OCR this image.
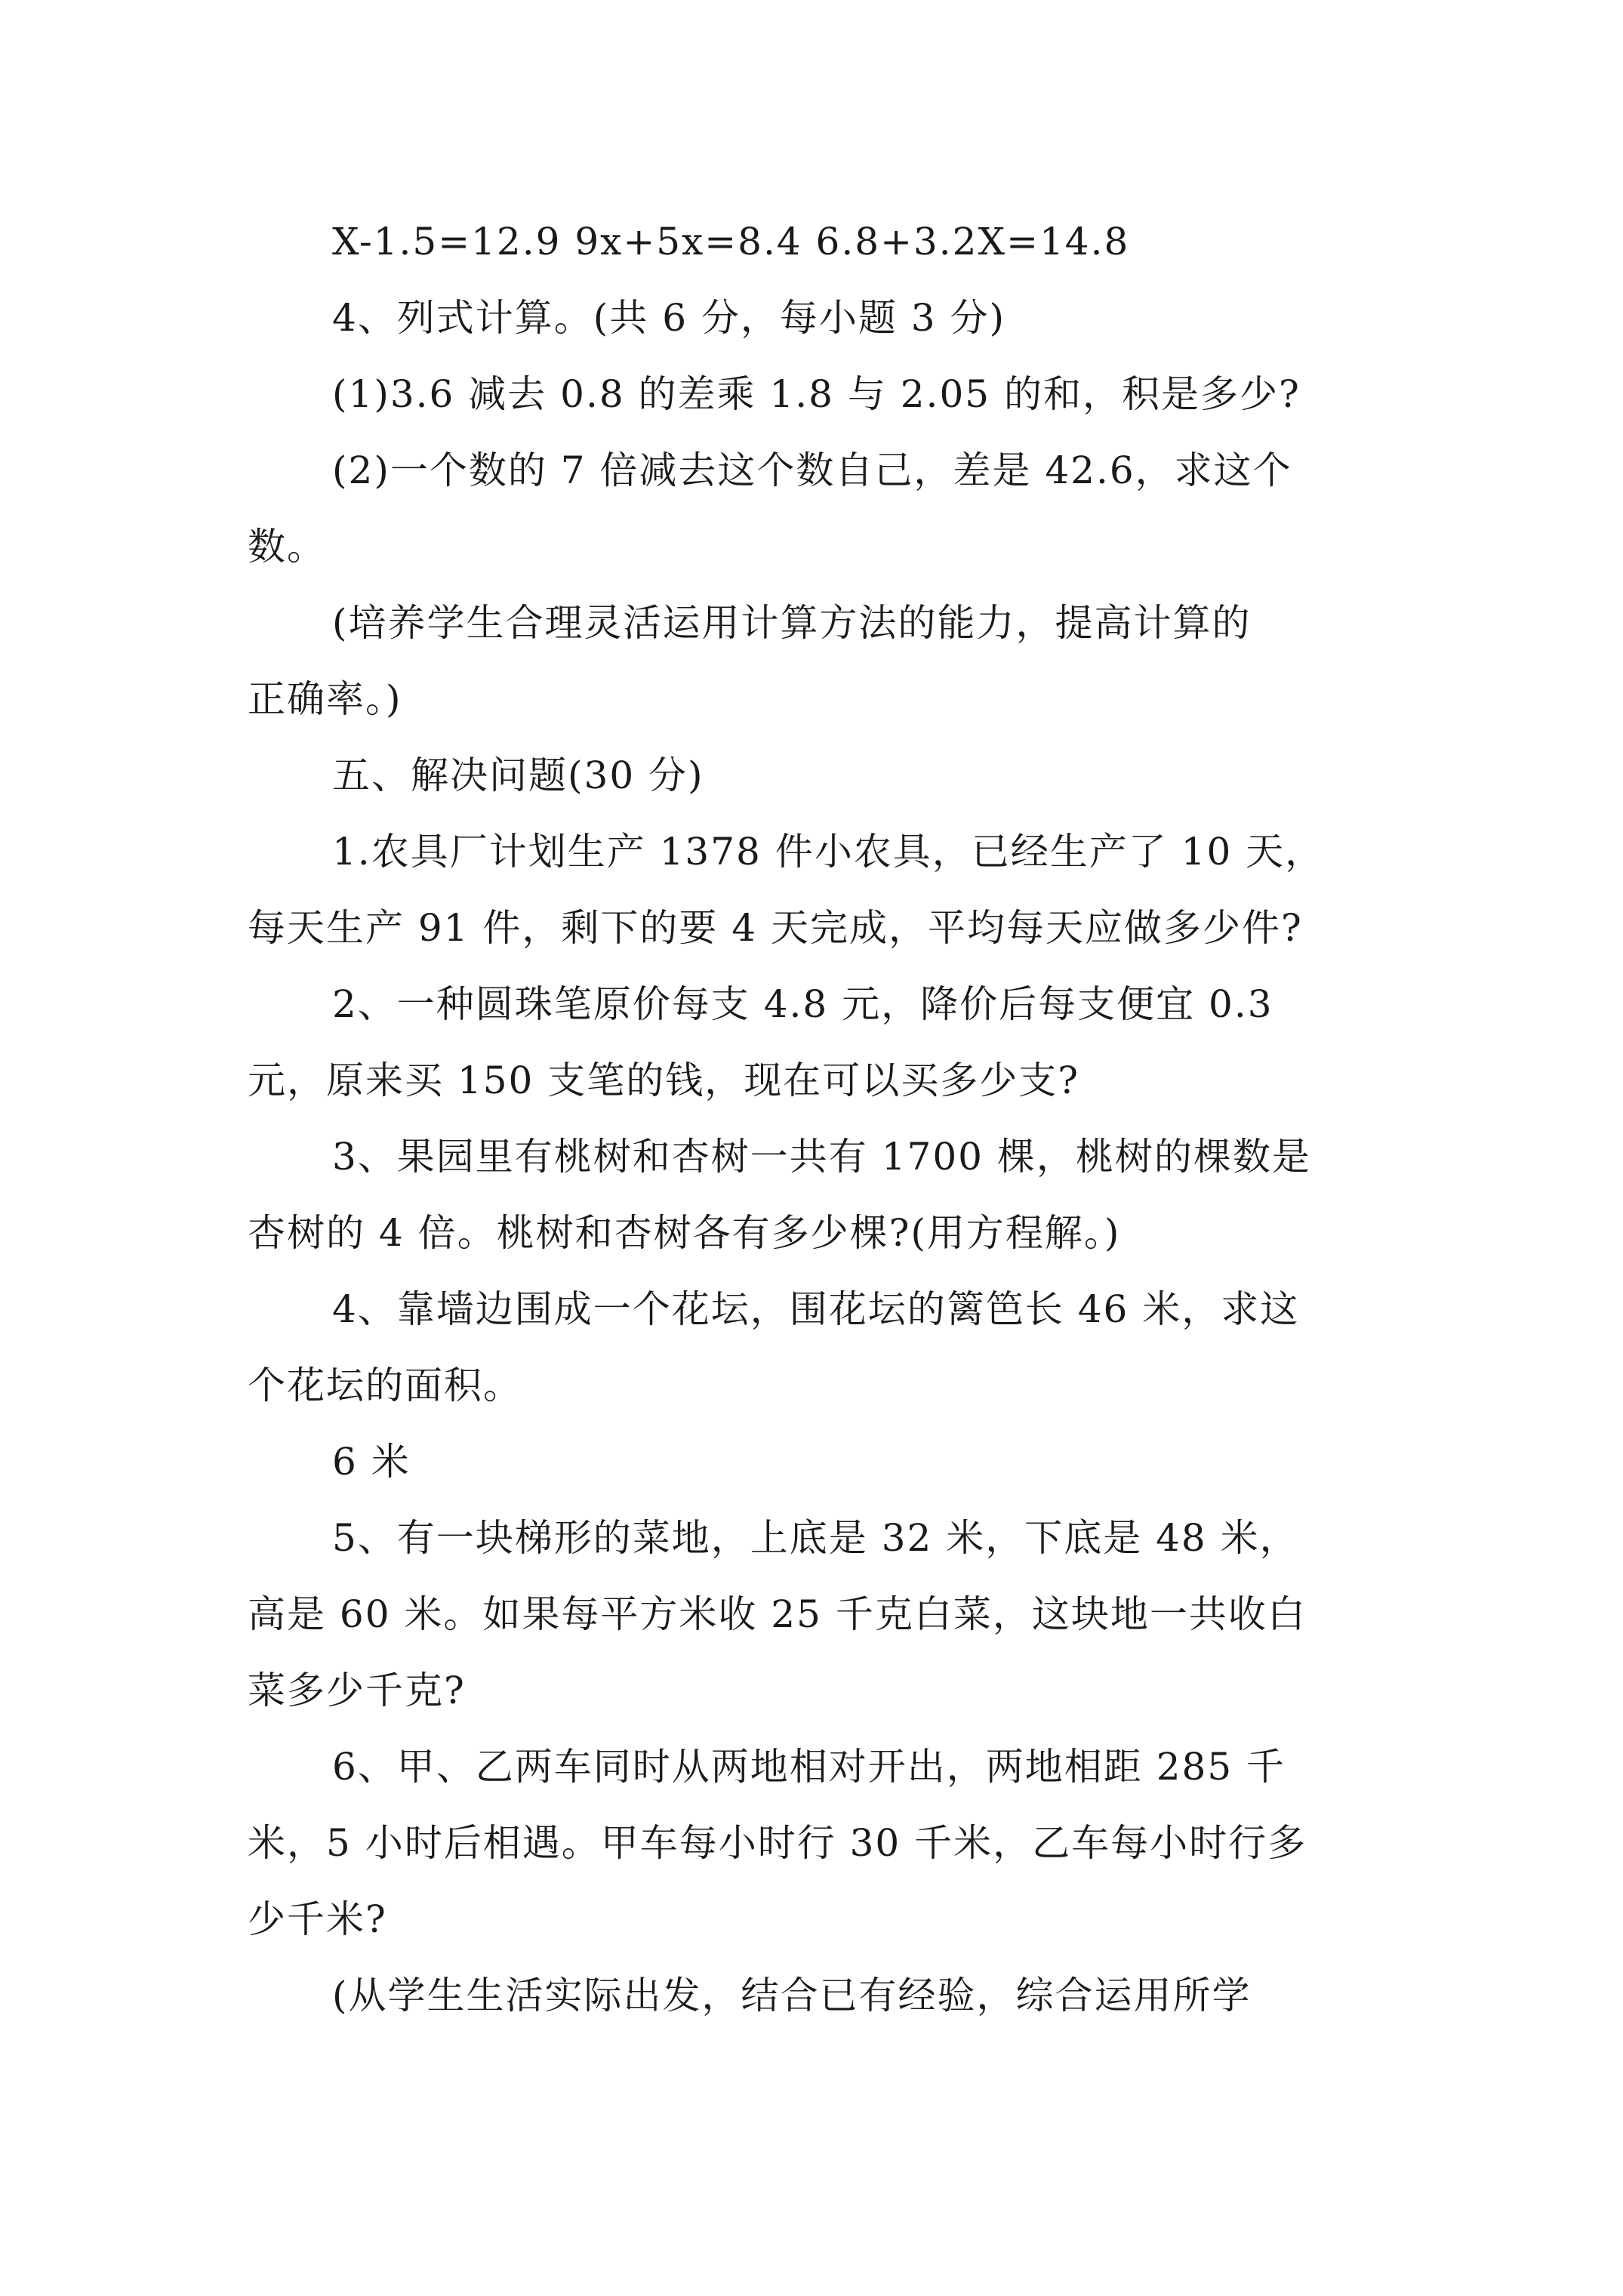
X-1.5=12.9 9x+5x=8.4 6.8+3.2X=14.8
4、列式计算。(共 6 分，每小题 3 分)
(1)3.6 减去 0.8 的差乘 1.8 与 2.05 的和，积是多少?
(2)一个数的 7 倍减去这个数自己，差是 42.6，求这个
数。
(培养学生合理灵活运用计算方法的能力，提高计算的
正确率。)
五、解决问题(30 分)
1.农具厂计划生产 1378 件小农具，已经生产了 10 天，
每天生产 91 件，剩下的要 4 天完成，平均每天应做多少件?
2、一种圆珠笔原价每支 4.8 元，降价后每支便宜 0.3
元，原来买 150 支笔的钱，现在可以买多少支?
3、果园里有桃树和杏树一共有 1700 棵，桃树的棵数是
杏树的 4 倍。桃树和杏树各有多少棵?(用方程解。)
4、靠墙边围成一个花坛，围花坛的篱笆长 46 米，求这
个花坛的面积。
6 米
5、有一块梯形的菜地，上底是 32 米，下底是 48 米，
高是 60 米。如果每平方米收 25 千克白菜，这块地一共收白
菜多少千克?
6、甲、乙两车同时从两地相对开出，两地相距 285 千
米，5 小时后相遇。甲车每小时行 30 千米，乙车每小时行多
少千米?
(从学生生活实际出发，结合已有经验，综合运用所学
